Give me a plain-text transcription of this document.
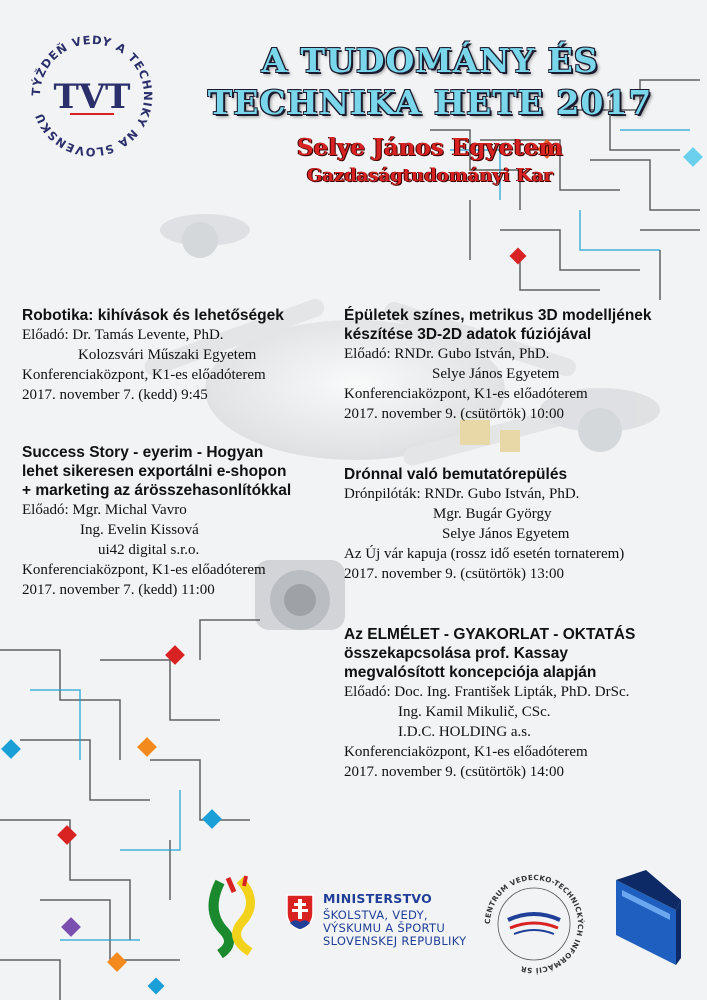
TÝŽDEŇ VEDY A TECHNIKY NA SLOVENSKU
TVT
A TUDOMÁNY ÉS
TECHNIKA HETE 2017
Selye János Egyetem
Gazdaságtudományi Kar
Robotika: kihívások és lehetőségek
Előadó: Dr. Tamás Levente, PhD.
Kolozsvári Műszaki Egyetem
Konferenciaközpont, K1-es előadóterem
2017. november 7. (kedd) 9:45
Success Story - eyerim - Hogyan
lehet sikeresen exportálni e-shopon
+ marketing az árösszehasonlítókkal
Előadó: Mgr. Michal Vavro
Ing. Evelin Kissová
ui42 digital s.r.o.
Konferenciaközpont, K1-es előadóterem
2017. november 7. (kedd) 11:00
Épületek színes, metrikus 3D modelljének
készítése 3D-2D adatok fúziójával
Előadó: RNDr. Gubo István, PhD.
Selye János Egyetem
Konferenciaközpont, K1-es előadóterem
2017. november 9. (csütörtök) 10:00
Drónnal való bemutatórepülés
Drónpilóták: RNDr. Gubo István, PhD.
Mgr. Bugár György
Selye János Egyetem
Az Új vár kapuja (rossz idő esetén tornaterem)
2017. november 9. (csütörtök) 13:00
Az ELMÉLET - GYAKORLAT - OKTATÁS
összekapcsolása prof. Kassay
megvalósított koncepciója alapján
Előadó: Doc. Ing. František Lipták, PhD. DrSc.
Ing. Kamil Mikulič, CSc.
I.D.C. HOLDING a.s.
Konferenciaközpont, K1-es előadóterem
2017. november 9. (csütörtök) 14:00
MINISTERSTVO
ŠKOLSTVA, VEDY,
VÝSKUMU A ŠPORTU
SLOVENSKEJ REPUBLIKY
CENTRUM VEDECKO-TECHNICKÝCH INFORMÁCIÍ SR
